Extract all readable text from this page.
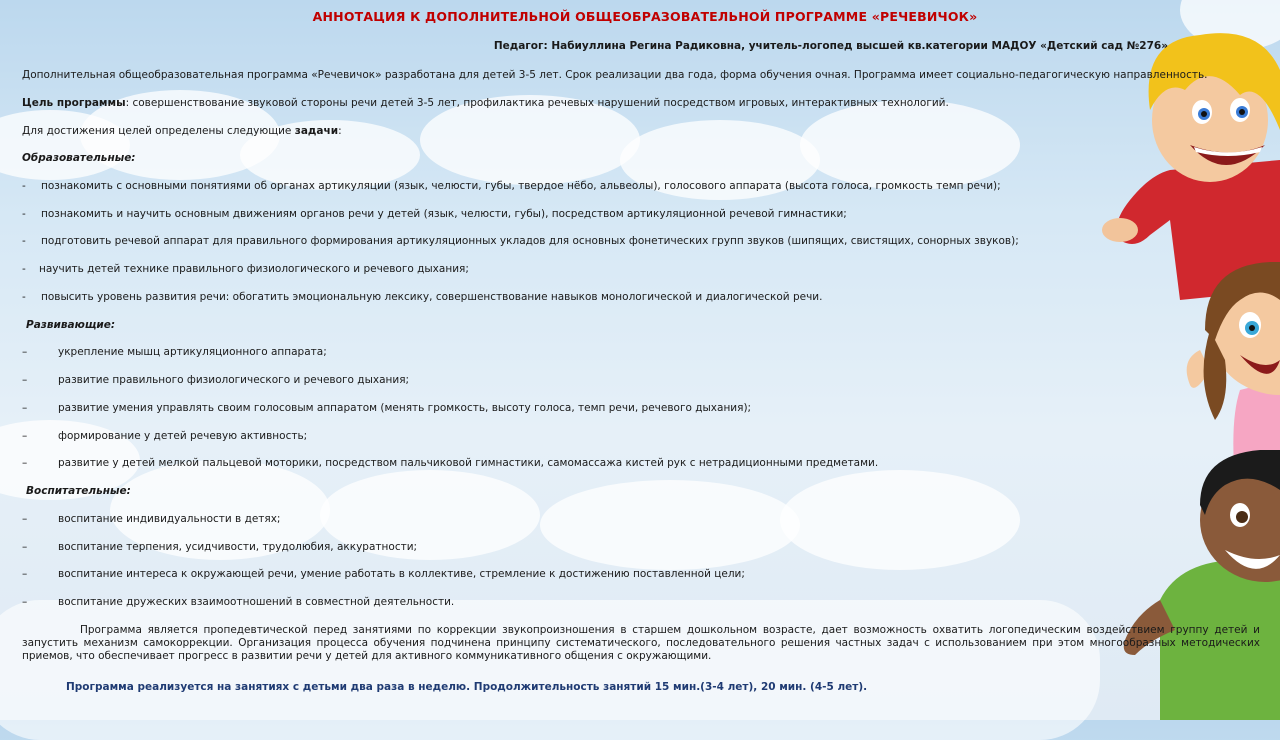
АННОТАЦИЯ К ДОПОЛНИТЕЛЬНОЙ ОБЩЕОБРАЗОВАТЕЛЬНОЙ ПРОГРАММЕ «РЕЧЕВИЧОК»
Педагог: Набиуллина Регина Радиковна, учитель-логопед высшей кв.категории МАДОУ «Детский сад №276»
Дополнительная общеобразовательная программа «Речевичок» разработана для детей 3-5 лет. Срок реализации два года, форма обучения очная. Программа имеет социально-педагогическую направленность.
Цель программы: совершенствование звуковой стороны речи детей 3-5 лет, профилактика речевых нарушений посредством игровых, интерактивных технологий.
Для достижения целей определены следующие задачи:
Образовательные:
- познакомить с основными понятиями об органах артикуляции (язык, челюсти, губы, твердое нёбо, альвеолы), голосового аппарата (высота голоса, громкость темп речи);
- познакомить и научить основным движениям органов речи у детей (язык, челюсти, губы), посредством артикуляционной речевой гимнастики;
- подготовить речевой аппарат для правильного формирования артикуляционных укладов для основных фонетических групп звуков (шипящих, свистящих, сонорных звуков);
- научить детей технике правильного физиологического и речевого дыхания;
- повысить уровень развития речи: обогатить эмоциональную лексику, совершенствование навыков монологической и диалогической речи.
Развивающие:
–	укрепление мышц артикуляционного аппарата;
–	развитие правильного физиологического и речевого дыхания;
–	развитие умения управлять своим голосовым аппаратом (менять громкость, высоту голоса, темп речи, речевого дыхания);
–	формирование у детей речевую активность;
–	развитие у детей мелкой пальцевой моторики, посредством пальчиковой гимнастики, самомассажа кистей рук с нетрадиционными предметами.
Воспитательные:
–	воспитание индивидуальности в детях;
–	воспитание терпения, усидчивости, трудолюбия, аккуратности;
–	воспитание интереса к окружающей речи, умение работать в коллективе, стремление к достижению поставленной цели;
–	воспитание дружеских взаимоотношений в совместной деятельности.
Программа является пропедевтической перед занятиями по коррекции звукопроизношения в старшем дошкольном возрасте, дает возможность охватить логопедическим воздействием группу детей и запустить механизм самокоррекции. Организация процесса обучения подчинена принципу систематического, последовательного решения частных задач с использованием при этом многообразных методических приемов, что обеспечивает прогресс в развитии речи у детей для активного коммуникативного общения с окружающими.
Программа реализуется на занятиях с детьми два раза в неделю. Продолжительность занятий 15 мин.(3-4 лет), 20 мин. (4-5 лет).
